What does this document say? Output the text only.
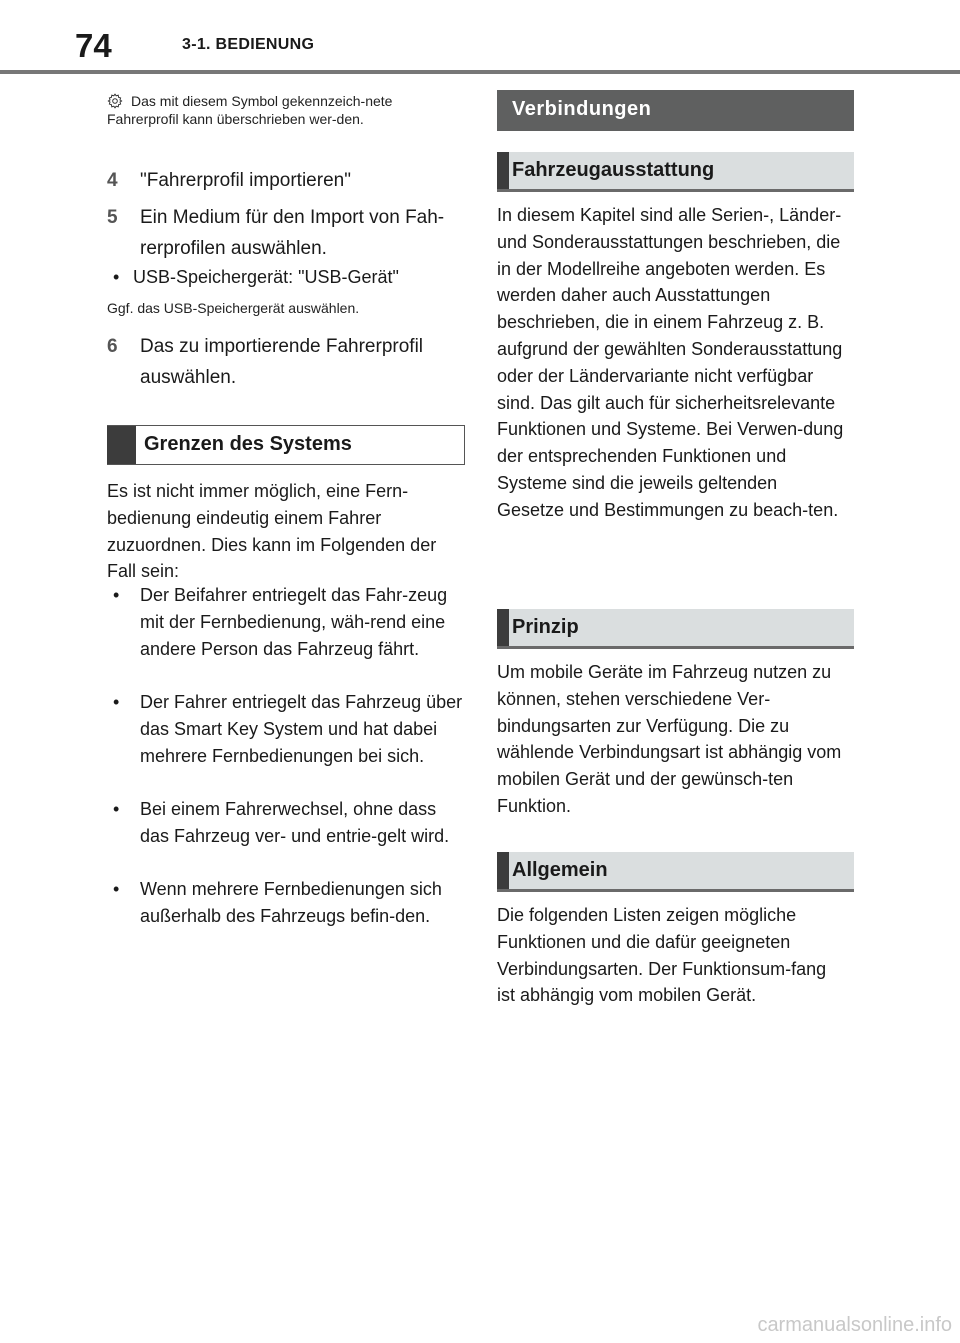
74	3-1. BEDIENUNG
Das mit diesem Symbol gekennzeich-nete Fahrerprofil kann überschrieben wer-den.
4	"Fahrerprofil importieren"
5	Ein Medium für den Import von Fah-rerprofilen auswählen.
• USB-Speichergerät: "USB-Gerät"
Ggf. das USB-Speichergerät auswählen.
6	Das zu importierende Fahrerprofil auswählen.
Grenzen des Systems
Es ist nicht immer möglich, eine Fern-bedienung eindeutig einem Fahrer zuzuordnen. Dies kann im Folgenden der Fall sein:
•	Der Beifahrer entriegelt das Fahr-zeug mit der Fernbedienung, wäh-rend eine andere Person das Fahrzeug fährt.
•	Der Fahrer entriegelt das Fahrzeug über das Smart Key System und hat dabei mehrere Fernbedienungen bei sich.
•	Bei einem Fahrerwechsel, ohne dass das Fahrzeug ver- und entrie-gelt wird.
•	Wenn mehrere Fernbedienungen sich außerhalb des Fahrzeugs befin-den.
Verbindungen
Fahrzeugausstattung
In diesem Kapitel sind alle Serien-, Länder- und Sonderausstattungen beschrieben, die in der Modellreihe angeboten werden. Es werden daher auch Ausstattungen beschrieben, die in einem Fahrzeug z. B. aufgrund der gewählten Sonderausstattung oder der Ländervariante nicht verfügbar sind. Das gilt auch für sicherheitsrelevante Funktionen und Systeme. Bei Verwen-dung der entsprechenden Funktionen und Systeme sind die jeweils geltenden Gesetze und Bestimmungen zu beach-ten.
Prinzip
Um mobile Geräte im Fahrzeug nutzen zu können, stehen verschiedene Ver-bindungsarten zur Verfügung. Die zu wählende Verbindungsart ist abhängig vom mobilen Gerät und der gewünsch-ten Funktion.
Allgemein
Die folgenden Listen zeigen mögliche Funktionen und die dafür geeigneten Verbindungsarten. Der Funktionsum-fang ist abhängig vom mobilen Gerät.
carmanualsonline.info
